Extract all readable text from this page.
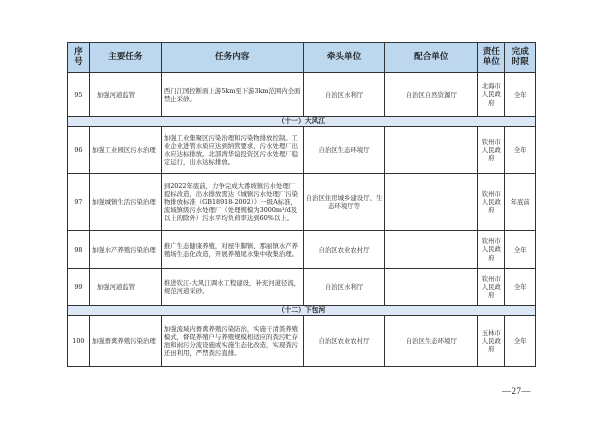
序号	主要任务	任务内容	牵头单位	配合单位	责任单位	完成时限
95	加强河道监管	西门江国控断面上游5km至下游3km范围内全面禁止采砂。	自治区水利厅	自治区自然资源厅	北海市人民政府	全年
（十一）大风江						
96	加强工业园区污水治理	加强工业集聚区污染治理和污染物排放控制。工业企业进管水质应达到纳管要求，污水处理厂出水应达标排放。北部湾华谊投资区污水处理厂稳定运行，出水达标排放。	自治区生态环境厅		钦州市人民政府	全年
97	加强城镇生活污染治理	到2022年底前，力争完成大番坡镇污水处理厂提标改造，出水排放需达《城镇污水处理厂污染物排放标准（GB18918-2002）》一级A标准，流域镇级污水处理厂（处理规模为3000m³/d及以上的除外）污水平均负荷率达到60%以上。	自治区住房城乡建设厅、生态环境厅等		钦州市人民政府	年底前
98	加强水产养殖污染治理	推广生态健康养殖，对屋牛脚镇、那丽镇水产养殖场生态化改造，开展养殖尾水集中收集治理。	自治区农业农村厅		钦州市人民政府	全年
99	加强河道监管	推进钦江-大风江调水工程建设，补充河道径流，规范河道采砂。	自治区水利厅		钦州市人民政府	全年
（十二）下包河						
100	加强畜禽养殖污染治理	加强流域内畜禽养殖污染防治，实施干清粪养殖模式，督促养殖户与养殖规模相适应的粪污贮存池和雨污分流设施或实施生态化改造，实现粪污还田利用，严禁粪污直排。	自治区农业农村厅	自治区生态环境厅	玉林市人民政府	全年
—27—
